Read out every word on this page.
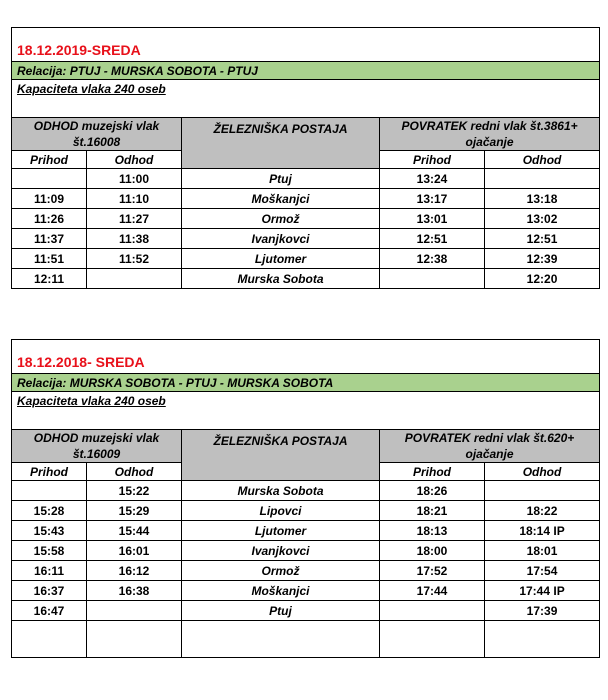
18.12.2019-SREDA				
Relacija: PTUJ - MURSKA SOBOTA - PTUJ				
Kapaciteta vlaka 240 oseb				

ODHOD muzejski vlak št.16008		ŽELEZNIŠKA POSTAJA	POVRATEK redni vlak št.3861+ ojačanje	
Prihod	Odhod		Prihod	Odhod
	11:00	Ptuj	13:24	
11:09	11:10	Moškanjci	13:17	13:18
11:26	11:27	Ormož	13:01	13:02
11:37	11:38	Ivanjkovci	12:51	12:51
11:51	11:52	Ljutomer	12:38	12:39
12:11		Murska Sobota		12:20
18.12.2018- SREDA				
Relacija: MURSKA SOBOTA - PTUJ - MURSKA SOBOTA				
Kapaciteta vlaka 240 oseb				

ODHOD muzejski vlak št.16009		ŽELEZNIŠKA POSTAJA	POVRATEK redni vlak št.620+ ojačanje	
Prihod	Odhod		Prihod	Odhod
	15:22	Murska Sobota	18:26	
15:28	15:29	Lipovci	18:21	18:22
15:43	15:44	Ljutomer	18:13	18:14 IP
15:58	16:01	Ivanjkovci	18:00	18:01
16:11	16:12	Ormož	17:52	17:54
16:37	16:38	Moškanjci	17:44	17:44 IP
16:47		Ptuj		17:39
